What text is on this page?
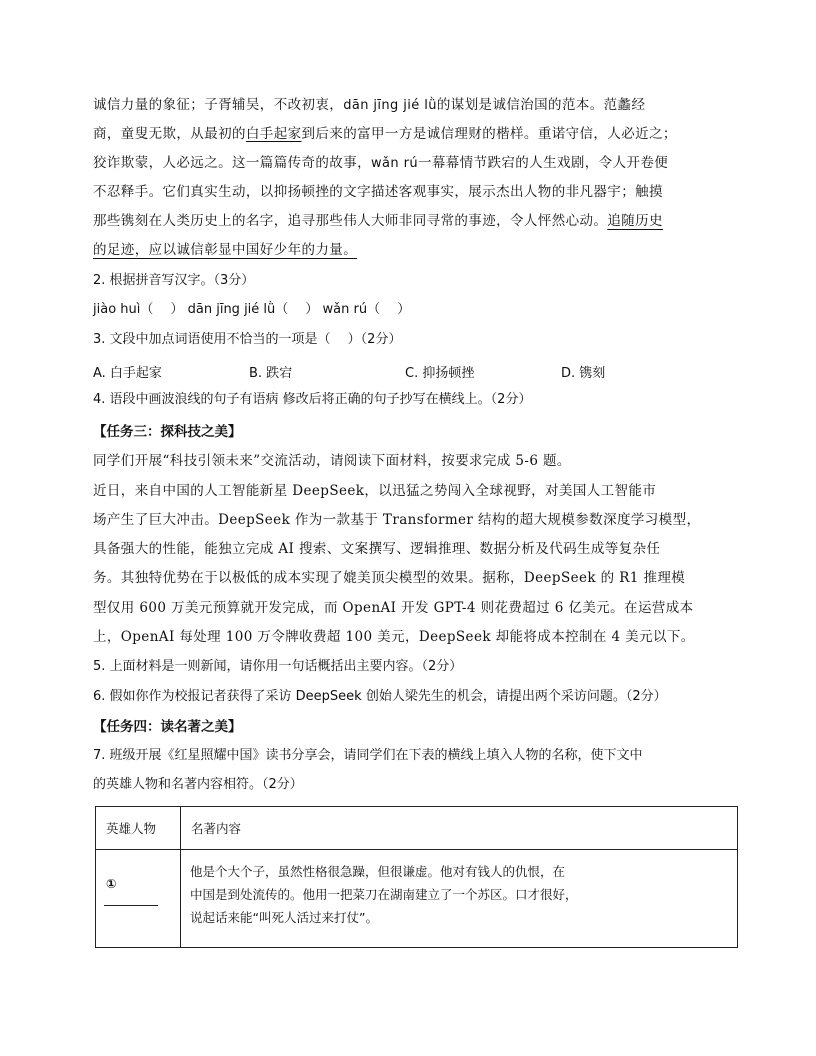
诚信力量的象征；子胥辅吴，不改初衷，dān jīng jié lǜ的谋划是诚信治国的范本。范蠡经
商，童叟无欺，从最初的白手起家到后来的富甲一方是诚信理财的楷样。重诺守信，人必近之；
狡诈欺蒙，人必远之。这一篇篇传奇的故事，wǎn rú一幕幕情节跌宕的人生戏剧，令人开卷便
不忍释手。它们真实生动，以抑扬顿挫的文字描述客观事实，展示杰出人物的非凡器宇；触摸
那些镌刻在人类历史上的名字，追寻那些伟人大师非同寻常的事迹，令人怦然心动。追随历史
的足迹，应以诚信彰显中国好少年的力量。
2. 根据拼音写汉字。（3分）
jiào huì（　 ） dān jīng jié lǜ（　 ） wǎn rú（　 ）
3. 文段中加点词语使用不恰当的一项是（　 ）（2分）
A. 白手起家	B. 跌宕	C. 抑扬顿挫	D. 镌刻
4. 语段中画波浪线的句子有语病 修改后将正确的句子抄写在横线上。（2分）
【任务三：探科技之美】
同学们开展“科技引领未来”交流活动，请阅读下面材料，按要求完成 5-6 题。
近日，来自中国的人工智能新星 DeepSeek，以迅猛之势闯入全球视野，对美国人工智能市
场产生了巨大冲击。DeepSeek 作为一款基于 Transformer 结构的超大规模参数深度学习模型，
具备强大的性能，能独立完成 AI 搜索、文案撰写、逻辑推理、数据分析及代码生成等复杂任
务。其独特优势在于以极低的成本实现了媲美顶尖模型的效果。据称，DeepSeek 的 R1 推理模
型仅用 600 万美元预算就开发完成，而 OpenAI 开发 GPT-4 则花费超过 6 亿美元。在运营成本
上，OpenAI 每处理 100 万令牌收费超 100 美元，DeepSeek 却能将成本控制在 4 美元以下。
5. 上面材料是一则新闻，请你用一句话概括出主要内容。（2分）
6. 假如你作为校报记者获得了采访 DeepSeek 创始人梁先生的机会，请提出两个采访问题。（2分）
【任务四：读名著之美】
7. 班级开展《红星照耀中国》读书分享会，请同学们在下表的横线上填入人物的名称，使下文中
的英雄人物和名著内容相符。（2分）
英雄人物	名著内容

①	他是个大个子，虽然性格很急躁，但很谦虚。他对有钱人的仇恨，在
中国是到处流传的。他用一把菜刀在湖南建立了一个苏区。口才很好，
说起话来能“叫死人活过来打仗”。
